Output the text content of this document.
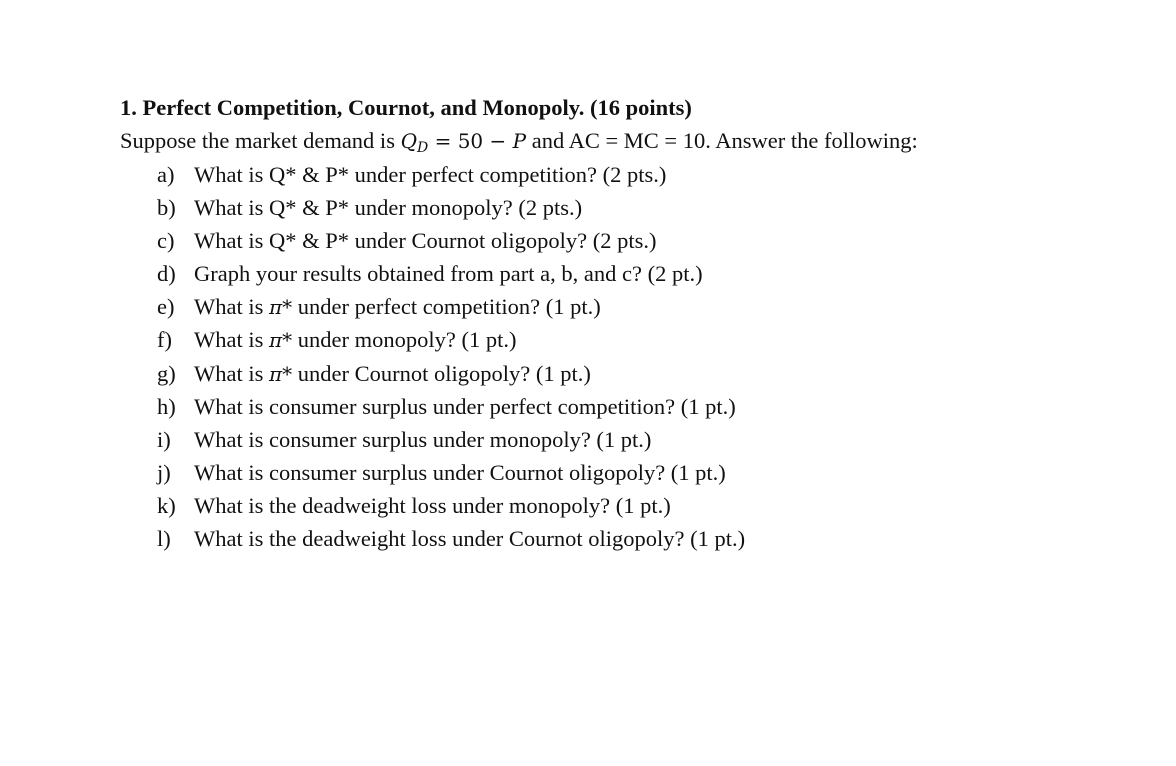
1. Perfect Competition, Cournot, and Monopoly. (16 points)
Suppose the market demand is $Q_D = 50 - P$ and AC = MC = 10. Answer the following:
a) What is Q* & P* under perfect competition? (2 pts.)
b) What is Q* & P* under monopoly? (2 pts.)
c) What is Q* & P* under Cournot oligopoly? (2 pts.)
d) Graph your results obtained from part a, b, and c? (2 pt.)
e) What is π* under perfect competition? (1 pt.)
f) What is π* under monopoly? (1 pt.)
g) What is π* under Cournot oligopoly? (1 pt.)
h) What is consumer surplus under perfect competition? (1 pt.)
i) What is consumer surplus under monopoly? (1 pt.)
j) What is consumer surplus under Cournot oligopoly? (1 pt.)
k) What is the deadweight loss under monopoly? (1 pt.)
l) What is the deadweight loss under Cournot oligopoly? (1 pt.)
